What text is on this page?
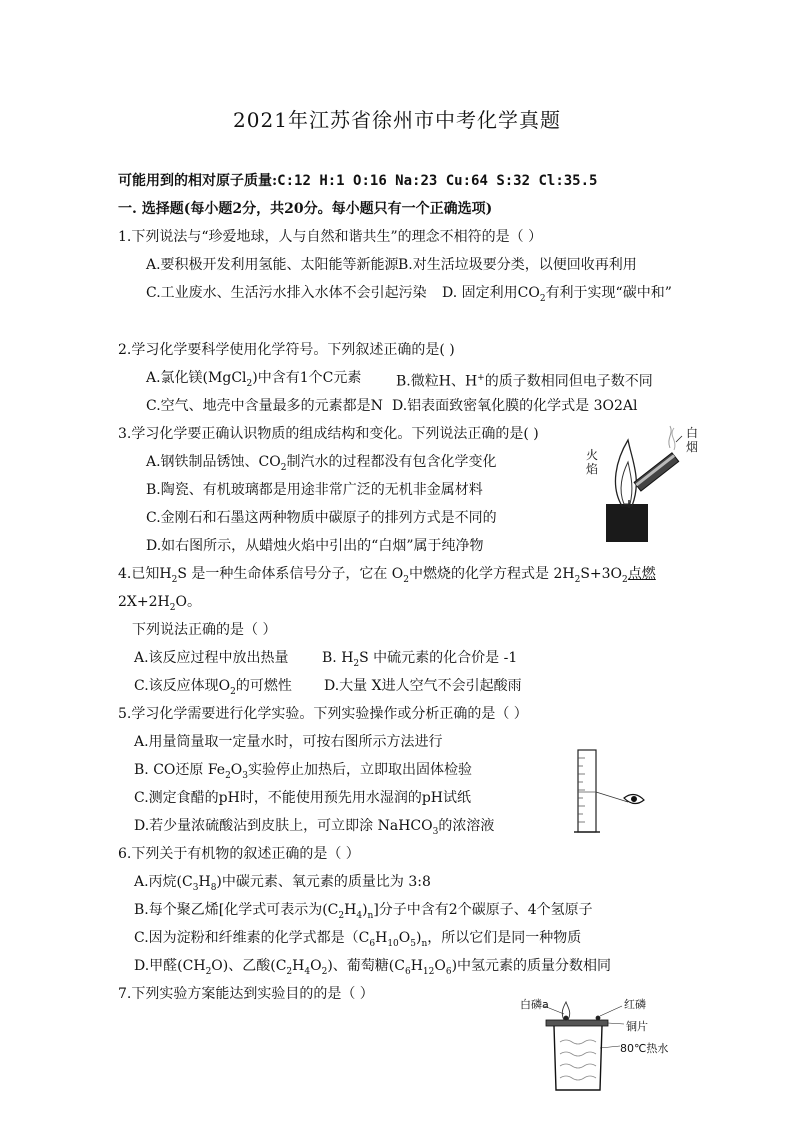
2021年江苏省徐州市中考化学真题
可能用到的相对原子质量:C:12 H:1 O:16 Na:23 Cu:64 S:32 Cl:35.5
一. 选择题(每小题2分，共20分。每小题只有一个正确选项)
1.下列说法与“珍爱地球，人与自然和谐共生”的理念不相符的是（ ）
A.要积极开发利用氢能、太阳能等新能源 B.对生活垃圾要分类，以便回收再利用
C.工业废水、生活污水排入水体不会引起污染 D. 固定利用$CO_2$有利于实现“碳中和”
2.学习化学要科学使用化学符号。下列叙述正确的是( )
A.氯化镁(MgCl$_2$)中含有1个C元素 B.微粒H、H+的质子数相同但电子数不同
C.空气、地壳中含量最多的元素都是N D.铝表面致密氧化膜的化学式是 3O2Al
3.学习化学要正确认识物质的组成结构和变化。下列说法正确的是( )
A.钢铁制品锈蚀、$CO_2$制汽水的过程都没有包含化学变化
B.陶瓷、有机玻璃都是用途非常广泛的无机非金属材料
C.金刚石和石墨这两种物质中碳原子的排列方式是不同的
D.如右图所示，从蜡烛火焰中引出的“白烟”属于纯净物
火焰
白烟
4.已知$H_2S$ 是一种生命体系信号分子，它在 $O_2$中燃烧的化学方程式是 $2H_2S+3O_2$点燃
$2X+2H_2O$。
下列说法正确的是（ ）
A.该反应过程中放出热量 B. $H_2S$ 中硫元素的化合价是 -1
C.该反应体现$O_2$的可燃性 D.大量 X进人空气不会引起酸雨
5.学习化学需要进行化学实验。下列实验操作或分析正确的是（ ）
A.用量筒量取一定量水时，可按右图所示方法进行
B. CO还原 $Fe_2O_3$实验停止加热后，立即取出固体检验
C.测定食醋的pH时，不能使用预先用水湿润的pH试纸
D.若少量浓硫酸沾到皮肤上，可立即涂 NaHCO$_3$的浓溶液
6.下列关于有机物的叙述正确的是（ ）
A.丙烷$(C_3H_8)$中碳元素、氧元素的质量比为 3:8
B.每个聚乙烯[化学式可表示为$(C_2H_4)_n$]分子中含有2个碳原子、4个氢原子
C.因为淀粉和纤维素的化学式都是$(C_6H_{10}O_5)_n$，所以它们是同一种物质
D.甲醛$(CH_2O)$、乙酸$(C_2H_4O_2)$、葡萄糖$(C_6H_{12}O_6)$中氢元素的质量分数相同
7.下列实验方案能达到实验目的的是（ ）
白磷a	红磷
铜片
80℃热水
